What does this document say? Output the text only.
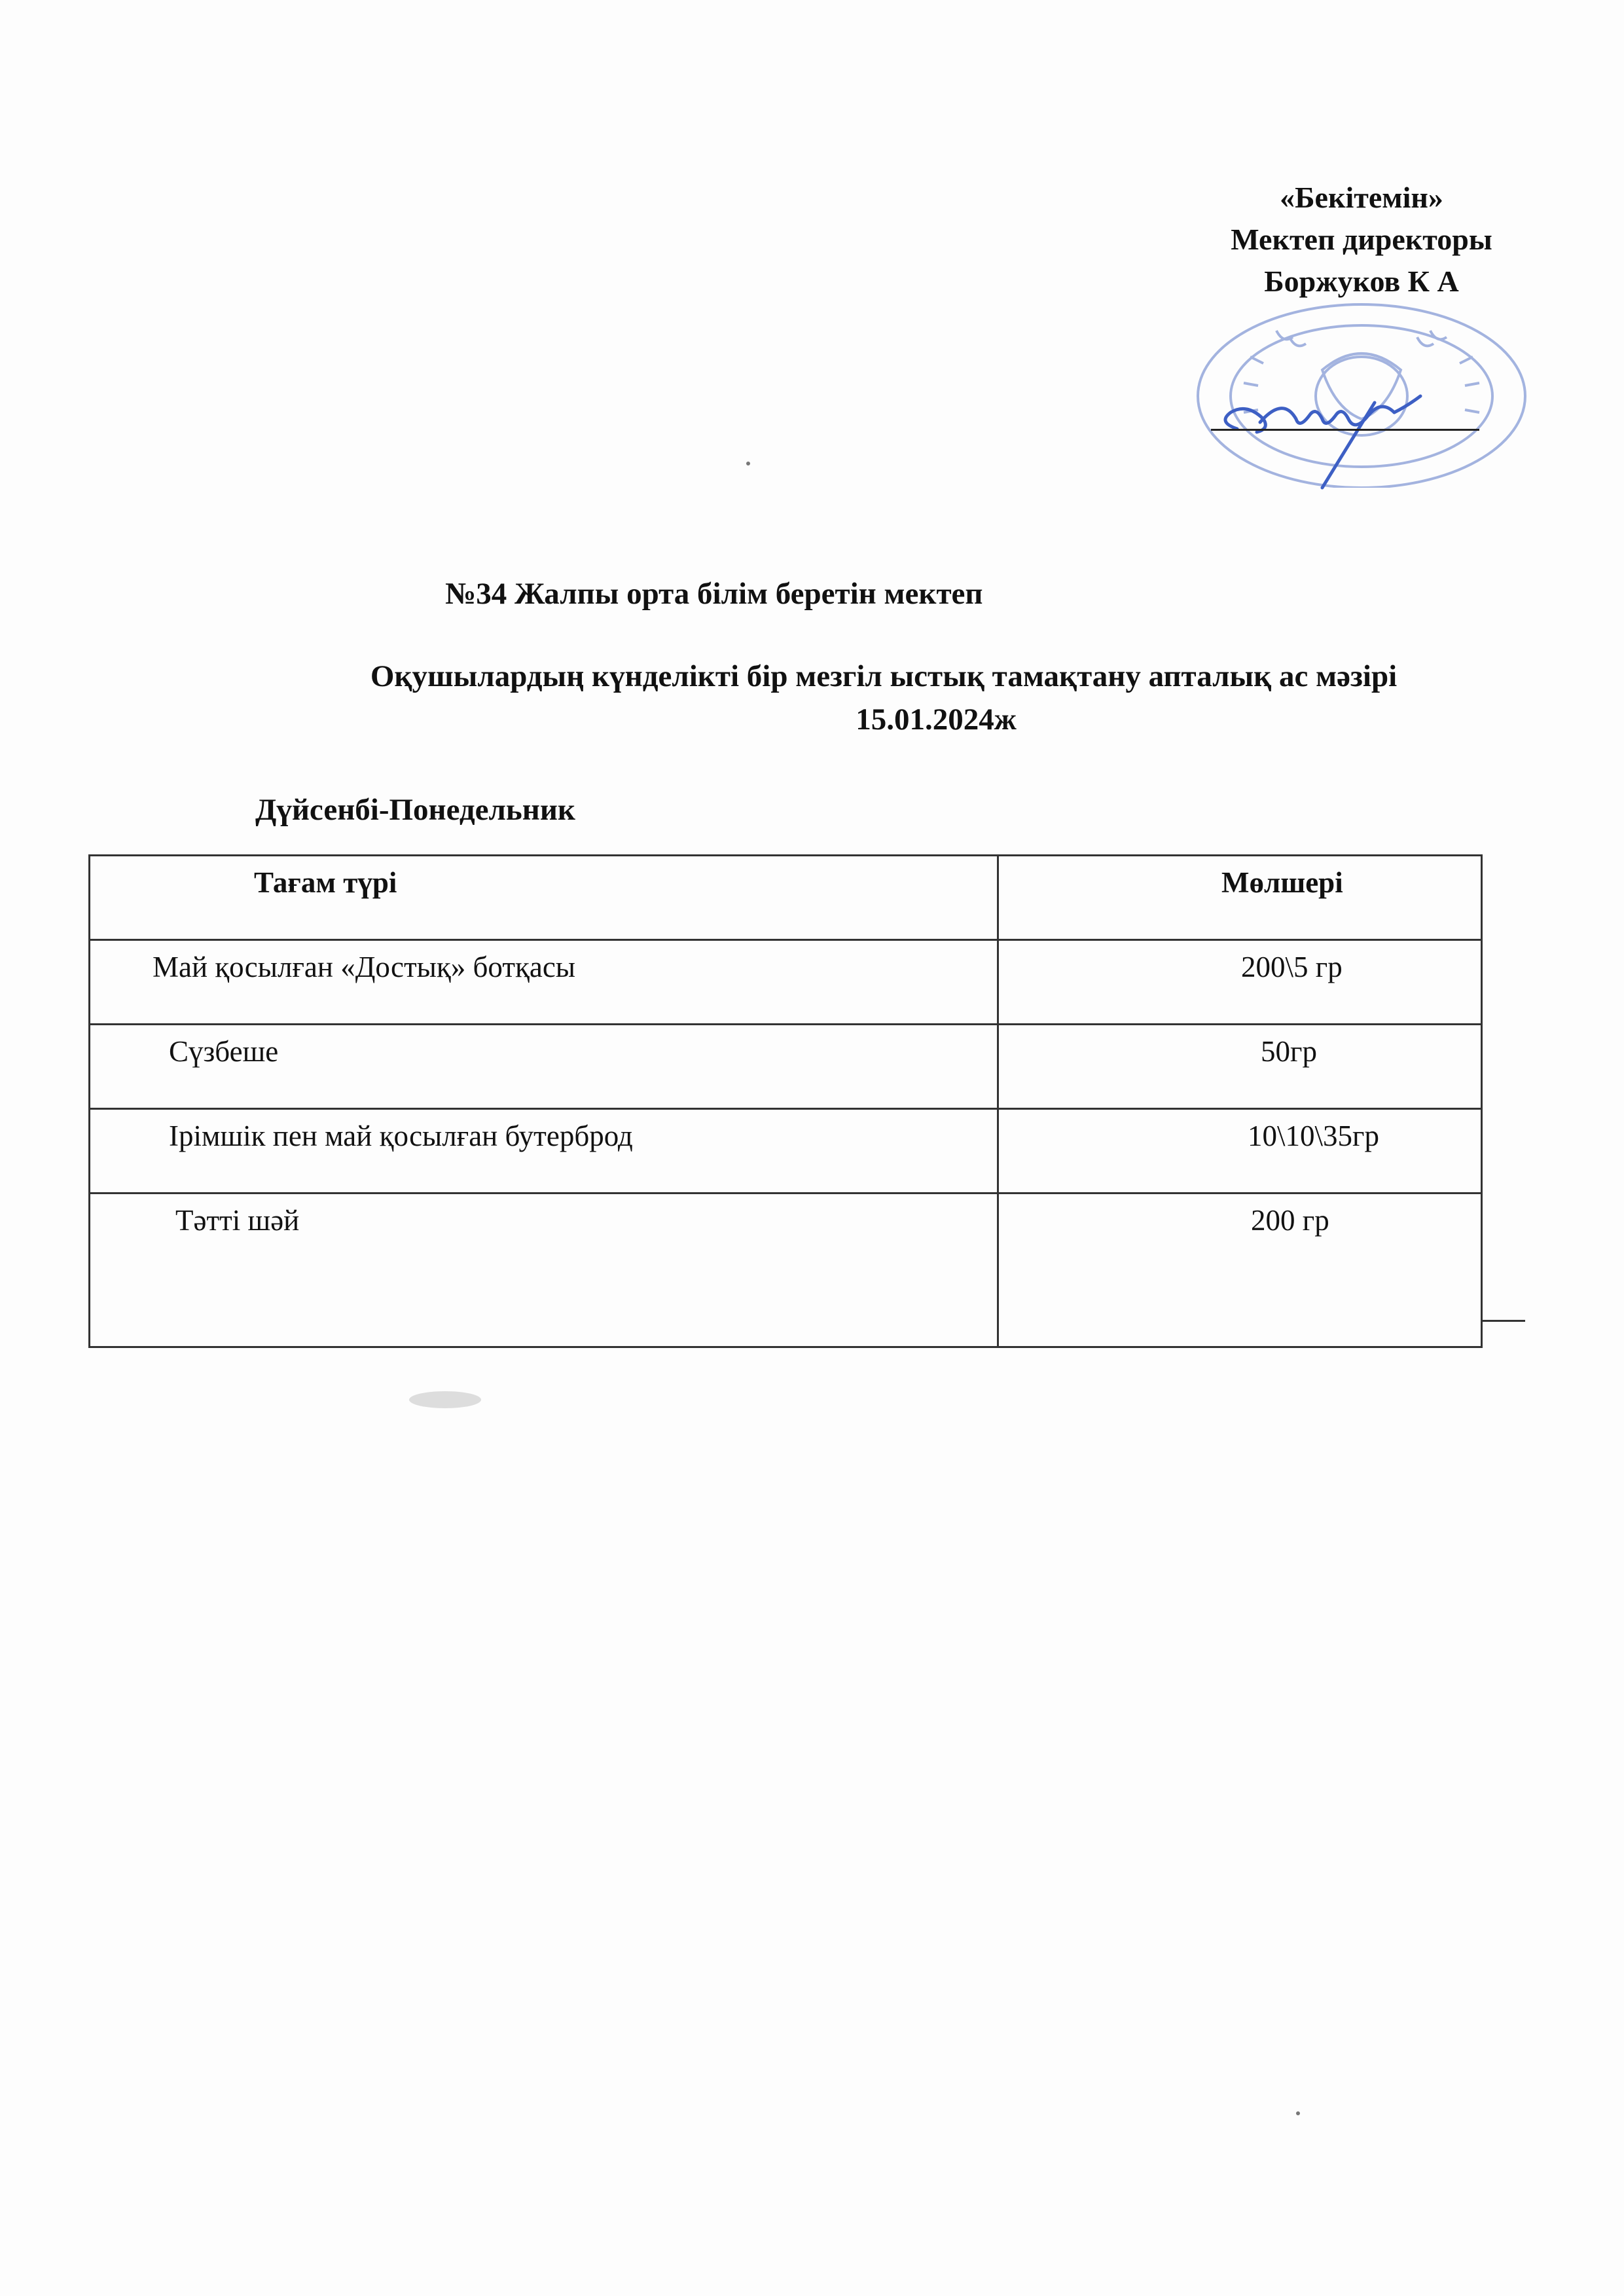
«Бекітемін»
Мектеп директоры
Боржуков К А
№34 Жалпы орта білім беретін мектеп
Оқушылардың күнделікті бір мезгіл ыстық тамақтану апталық ас мәзірі
15.01.2024ж
Дүйсенбі-Понедельник
Тағам түрі	Мөлшері
Май қосылған «Достық» ботқасы	200\5 гр
Сүзбеше	50гр
Ірімшік пен май қосылған бутерброд	10\10\35гр
Тәтті шәй	200 гр
